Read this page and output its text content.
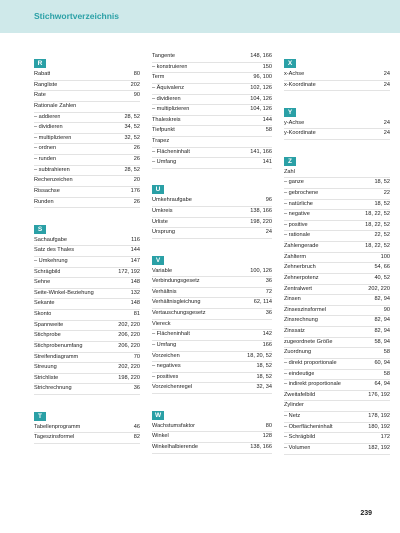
Stichwortverzeichnis
R
Rabatt	80
Rangliste	202
Rate	90
Rationale Zahlen
– addieren	28, 52
– dividieren	34, 52
– multiplizieren	32, 52
– ordnen	26
– runden	26
– subtrahieren	28, 52
Rechenzeichen	20
Rissachse	176
Runden	26
S
Sachaufgabe	116
Satz des Thales	144
– Umkehrung	147
Schrägbild	172, 192
Sehne	148
Seite-Winkel-Beziehung	132
Sekante	148
Skonto	81
Spannweite	202, 220
Stichprobe	206, 220
Stichprobenumfang	206, 220
Streifendiagramm	70
Streuung	202, 220
Strichliste	198, 220
Strichrechnung	36
T
Tabellenprogramm	46
Tageszinsformel	82
Tangente	148, 166
– konstruieren	150
Term	96, 100
– Äquivalenz	102, 126
– dividieren	104, 126
– multiplizieren	104, 126
Thaleskreis	144
Tiefpunkt	58
Trapez
– Flächeninhalt	141, 166
– Umfang	141
U
Umkehraufgabe	96
Umkreis	138, 166
Urliste	198, 220
Ursprung	24
V
Variable	100, 126
Verbindungsgesetz	36
Verhältnis	72
Verhältnisgleichung	62, 114
Vertauschungsgesetz	36
Viereck
– Flächeninhalt	142
– Umfang	166
Vorzeichen	18, 20, 52
– negatives	18, 52
– positives	18, 52
Vorzeichenregel	32, 34
W
Wachstumsfaktor	80
Winkel	128
Winkelhalbierende	138, 166
X
x-Achse	24
x-Koordinate	24
Y
y-Achse	24
y-Koordinate	24
Z
Zahl
– ganze	18, 52
– gebrochene	22
– natürliche	18, 52
– negative	18, 22, 52
– positive	18, 22, 52
– rationale	22, 52
Zahlengerade	18, 22, 52
Zahlterm	100
Zehnerbruch	54, 66
Zehnerpotenz	40, 52
Zentralwert	202, 220
Zinsen	82, 94
Zinseszinsformel	90
Zinsrechnung	82, 94
Zinssatz	82, 94
zugeordnete Größe	58, 94
Zuordnung	58
– direkt proportionale	60, 94
– eindeutige	58
– indirekt proportionale	64, 94
Zweitafelbild	176, 192
Zylinder
– Netz	178, 192
– Oberflächeninhalt	180, 192
– Schrägbild	172
– Volumen	182, 192
239
